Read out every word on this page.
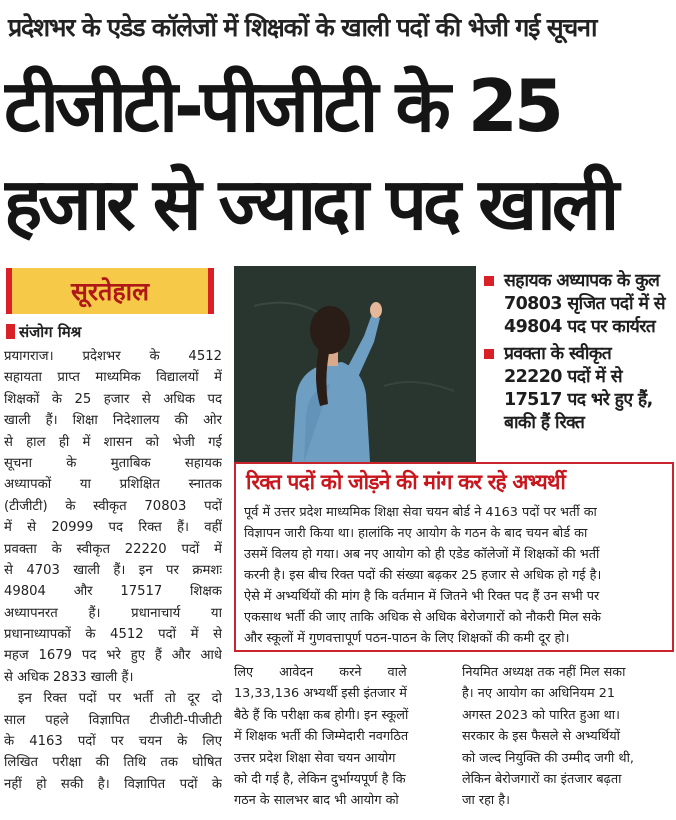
प्रदेशभर के एडेड कॉलेजों में शिक्षकों के खाली पदों की भेजी गई सूचना
टीजीटी-पीजीटी के 25
हजार से ज्यादा पद खाली
सूरतेहाल
संजोग मिश्र
प्रयागराज। प्रदेशभर के 4512
सहायता प्राप्त माध्यमिक विद्यालयों में
शिक्षकों के 25 हजार से अधिक पद
खाली हैं। शिक्षा निदेशालय की ओर
से हाल ही में शासन को भेजी गई
सूचना के मुताबिक सहायक
अध्यापकों या प्रशिक्षित स्नातक
(टीजीटी) के स्वीकृत 70803 पदों
में से 20999 पद रिक्त हैं। वहीं
प्रवक्ता के स्वीकृत 22220 पदों में
से 4703 खाली हैं। इन पर क्रमशः
49804 और 17517 शिक्षक
अध्यापनरत हैं। प्रधानाचार्य या
प्रधानाध्यापकों के 4512 पदों में से
महज 1679 पद भरे हुए हैं और आधे
से अधिक 2833 खाली हैं।
इन रिक्त पदों पर भर्ती तो दूर दो
साल पहले विज्ञापित टीजीटी-पीजीटी
के 4163 पदों पर चयन के लिए
लिखित परीक्षा की तिथि तक घोषित
नहीं हो सकी है। विज्ञापित पदों के
सहायक अध्यापक के कुल 70803 सृजित पदों में से 49804 पद पर कार्यरत
प्रवक्ता के स्वीकृत 22220 पदों में से 17517 पद भरे हुए हैं, बाकी हैं रिक्त
रिक्त पदों को जोड़ने की मांग कर रहे अभ्यर्थी
पूर्व में उत्तर प्रदेश माध्यमिक शिक्षा सेवा चयन बोर्ड ने 4163 पदों पर भर्ती का
विज्ञापन जारी किया था। हालांकि नए आयोग के गठन के बाद चयन बोर्ड का
उसमें विलय हो गया। अब नए आयोग को ही एडेड कॉलेजों में शिक्षकों की भर्ती
करनी है। इस बीच रिक्त पदों की संख्या बढ़कर 25 हजार से अधिक हो गई है।
ऐसे में अभ्यर्थियों की मांग है कि वर्तमान में जितने भी रिक्त पद हैं उन सभी पर
एकसाथ भर्ती की जाए ताकि अधिक से अधिक बेरोजगारों को नौकरी मिल सके
और स्कूलों में गुणवत्तापूर्ण पठन-पाठन के लिए शिक्षकों की कमी दूर हो।
लिए आवेदन करने वाले
13,33,136 अभ्यर्थी इसी इंतजार में
बैठे हैं कि परीक्षा कब होगी। इन स्कूलों
में शिक्षक भर्ती की जिम्मेदारी नवगठित
उत्तर प्रदेश शिक्षा सेवा चयन आयोग
को दी गई है, लेकिन दुर्भाग्यपूर्ण है कि
गठन के सालभर बाद भी आयोग को
नियमित अध्यक्ष तक नहीं मिल सका
है। नए आयोग का अधिनियम 21
अगस्त 2023 को पारित हुआ था।
सरकार के इस फैसले से अभ्यर्थियों
को जल्द नियुक्ति की उम्मीद जगी थी,
लेकिन बेरोजगारों का इंतजार बढ़ता
जा रहा है।
